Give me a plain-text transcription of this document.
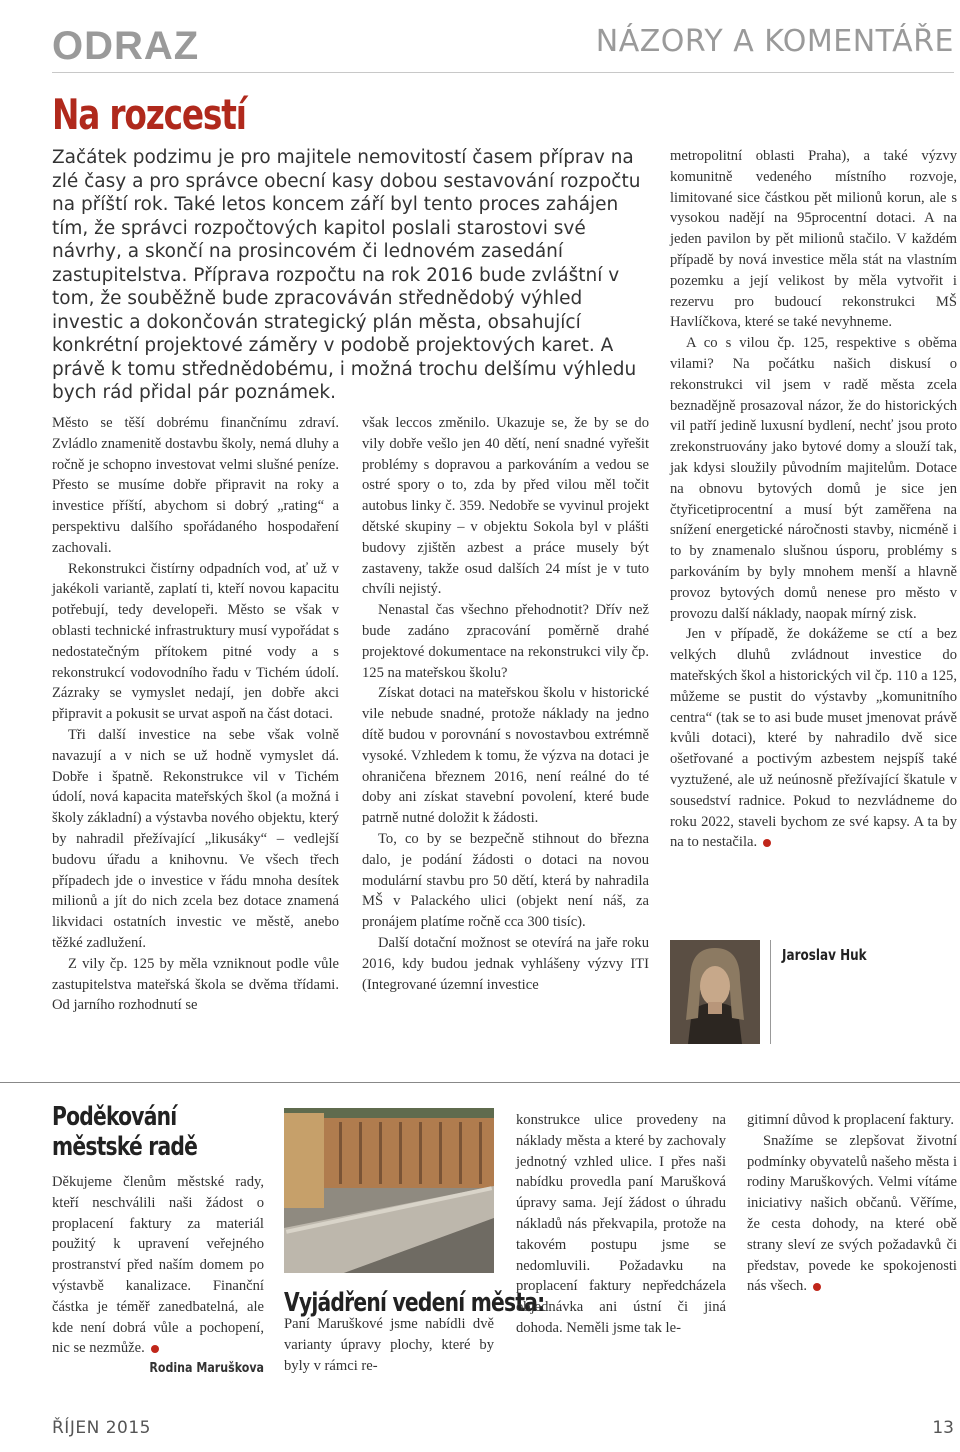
ODRAZ	NÁZORY A KOMENTÁŘE
Na rozcestí
Začátek podzimu je pro majitele nemovitostí časem příprav na zlé časy a pro správce obecní kasy dobou sestavování rozpočtu na příští rok. Také letos koncem září byl tento proces zahájen tím, že správci rozpočtových kapitol poslali starostovi své návrhy, a skončí na prosincovém či lednovém zasedání zastupitelstva. Příprava rozpočtu na rok 2016 bude zvláštní v tom, že souběžně bude zpracováván střednědobý výhled investic a dokončován strategický plán města, obsahující konkrétní projektové záměry v podobě projektových karet. A právě k tomu střednědobému, i možná trochu delšímu výhledu bych rád přidal pár poznámek.

Město se těší dobrému finančnímu zdraví. Zvládlo znamenitě dostavbu školy, nemá dluhy a ročně je schopno investovat velmi slušné peníze. Přesto se musíme dobře připravit na roky a investice příští, abychom si dobrý „rating“ a perspektivu dalšího spořádaného hospodaření zachovali.

Rekonstrukci čistírny odpadních vod, ať už v jakékoli variantě, zaplatí ti, kteří novou kapacitu potřebují, tedy developeři. Město se však v oblasti technické infrastruktury musí vypořádat s nedostatečným přítokem pitné vody a s rekonstrukcí vodovodního řadu v Tichém údolí. Zázraky se vymyslet nedají, jen dobře akci připravit a pokusit se urvat aspoň na část dotaci.

Tři další investice na sebe však volně navazují a v nich se už hodně vymyslet dá. Dobře i špatně. Rekonstrukce vil v Tichém údolí, nová kapacita mateřských škol (a možná i školy základní) a výstavba nového objektu, který by nahradil přežívající „likusáky“ – vedlejší budovu úřadu a knihovnu. Ve všech třech případech jde o investice v řádu mnoha desítek milionů a jít do nich zcela bez dotace znamená likvidaci ostatních investic ve městě, anebo těžké zadlužení.

Z vily čp. 125 by měla vzniknout podle vůle zastupitelstva mateřská škola se dvěma třídami. Od jarního rozhodnutí se

však leccos změnilo. Ukazuje se, že by se do vily dobře vešlo jen 40 dětí, není snadné vyřešit problémy s dopravou a parkováním a vedou se ostré spory o to, zda by před vilou měl točit autobus linky č. 359. Nedobře se vyvinul projekt dětské skupiny – v objektu Sokola byl v plášti budovy zjištěn azbest a práce musely být zastaveny, takže osud dalších 24 míst je v tuto chvíli nejistý.

Nenastal čas všechno přehodnotit? Dřív než bude zadáno zpracování poměrně drahé projektové dokumentace na rekonstrukci vily čp. 125 na mateřskou školu?

Získat dotaci na mateřskou školu v historické vile nebude snadné, protože náklady na jedno dítě budou v porovnání s novostavbou extrémně vysoké. Vzhledem k tomu, že výzva na dotaci je ohraničena březnem 2016, není reálné do té doby ani získat stavební povolení, které bude patrně nutné doložit k žádosti.

To, co by se bezpečně stihnout do března dalo, je podání žádosti o dotaci na novou modulární stavbu pro 50 dětí, která by nahradila MŠ v Palackého ulici (objekt není náš, za pronájem platíme ročně cca 300 tisíc).

Další dotační možnost se otevírá na jaře roku 2016, kdy budou jednak vyhlášeny výzvy ITI (Integrované územní investice

metropolitní oblasti Praha), a také výzvy komunitně vedeného místního rozvoje, limitované sice částkou pět milionů korun, ale s vysokou nadějí na 95procentní dotaci. A na jeden pavilon by pět milionů stačilo. V každém případě by nová investice měla stát na vlastním pozemku a její velikost by měla vytvořit i rezervu pro budoucí rekonstrukci MŠ Havlíčkova, které se také nevyhneme.

A co s vilou čp. 125, respektive s oběma vilami? Na počátku našich diskusí o rekonstrukci vil jsem v radě města zcela beznadějně prosazoval názor, že do historických vil patří jedině luxusní bydlení, nechť jsou proto zrekonstruovány jako bytové domy a slouží tak, jak kdysi sloužily původním majitelům. Dotace na obnovu bytových domů je sice jen čtyřicetiprocentní a musí být zaměřena na snížení energetické náročnosti stavby, nicméně i to by znamenalo slušnou úsporu, problémy s parkováním by byly mnohem menší a hlavně provoz bytových domů nenese pro město v provozu další náklady, naopak mírný zisk.

Jen v případě, že dokážeme se ctí a bez velkých dluhů zvládnout investice do mateřských škol a historických vil čp. 110 a 125, můžeme se pustit do výstavby „komunitního centra“ (tak se to asi bude muset jmenovat právě kvůli dotaci), které by nahradilo dvě sice ošetřované a poctivým azbestem nejspíš také vyztužené, ale už neúnosně přežívající škatule v sousedství radnice. Pokud to nezvládneme do roku 2022, staveli bychom ze své kapsy. A ta by na to nestačila.

Jaroslav Huk
Poděkování
městské radě
Děkujeme členům městské rady, kteří neschválili naši žádost o proplacení faktury za materiál použitý k upravení veřejného prostranství před naším domem po výstavbě kanalizace. Finanční částka je téměř zanedbatelná, ale kde není dobrá vůle a pochopení, nic se nezmůže.
Rodina Maruškova
Vyjádření vedení města:
Paní Maruškové jsme nabídli dvě varianty úpravy plochy, které by byly v rámci re-
konstrukce ulice provedeny na náklady města a které by zachovaly jednotný vzhled ulice. I přes naši nabídku provedla paní Marušková úpravy sama. Její žádost o úhradu nákladů nás překvapila, protože na takovém postupu jsme se nedomluvili. Požadavku na proplacení faktury nepředcházela objednávka ani ústní či jiná dohoda. Neměli jsme tak le-
gitimní důvod k proplacení faktury.
Snažíme se zlepšovat životní podmínky obyvatelů našeho města i rodiny Maruškových. Velmi vítáme iniciativy našich občanů. Věříme, že cesta dohody, na které obě strany sleví ze svých požadavků či představ, povede ke spokojenosti nás všech.
ŘÍJEN 2015	13
